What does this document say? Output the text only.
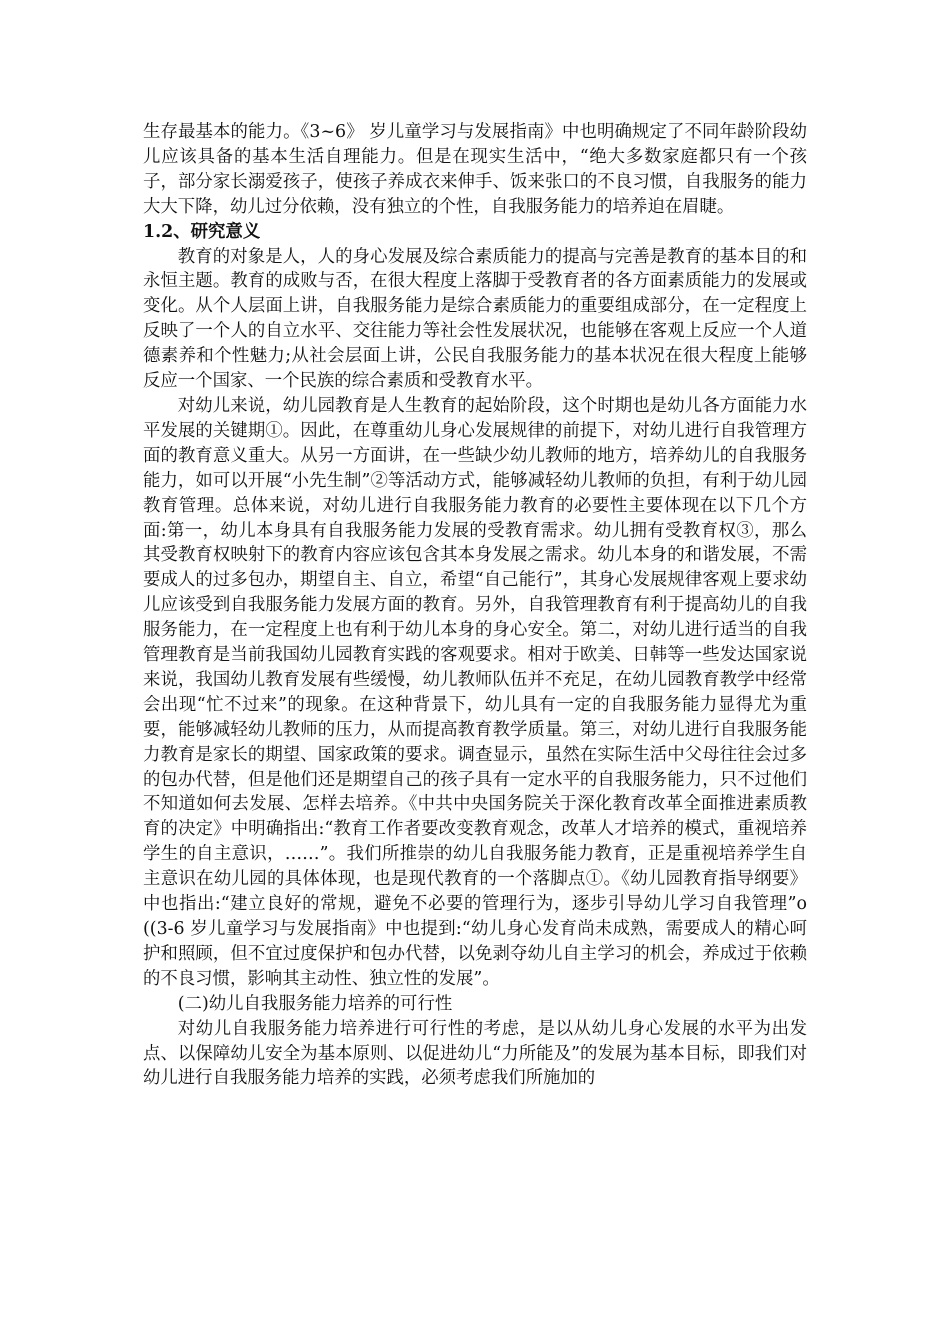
生存最基本的能力。《3~6》 岁儿童学习与发展指南》中也明确规定了不同年龄阶段幼儿应该具备的基本生活自理能力。但是在现实生活中，“绝大多数家庭都只有一个孩子，部分家长溺爱孩子，使孩子养成衣来伸手、饭来张口的不良习惯，自我服务的能力大大下降，幼儿过分依赖，没有独立的个性，自我服务能力的培养迫在眉睫。

1.2、研究意义

教育的对象是人，人的身心发展及综合素质能力的提高与完善是教育的基本目的和永恒主题。教育的成败与否，在很大程度上落脚于受教育者的各方面素质能力的发展或变化。从个人层面上讲，自我服务能力是综合素质能力的重要组成部分，在一定程度上反映了一个人的自立水平、交往能力等社会性发展状况，也能够在客观上反应一个人道德素养和个性魅力;从社会层面上讲，公民自我服务能力的基本状况在很大程度上能够反应一个国家、一个民族的综合素质和受教育水平。

对幼儿来说，幼儿园教育是人生教育的起始阶段，这个时期也是幼儿各方面能力水平发展的关键期①。因此，在尊重幼儿身心发展规律的前提下，对幼儿进行自我管理方面的教育意义重大。从另一方面讲，在一些缺少幼儿教师的地方，培养幼儿的自我服务能力，如可以开展“小先生制”②等活动方式，能够减轻幼儿教师的负担，有利于幼儿园教育管理。总体来说，对幼儿进行自我服务能力教育的必要性主要体现在以下几个方面:第一，幼儿本身具有自我服务能力发展的受教育需求。幼儿拥有受教育权③，那么其受教育权映射下的教育内容应该包含其本身发展之需求。幼儿本身的和谐发展，不需要成人的过多包办，期望自主、自立，希望“自己能行”，其身心发展规律客观上要求幼儿应该受到自我服务能力发展方面的教育。另外，自我管理教育有利于提高幼儿的自我服务能力，在一定程度上也有利于幼儿本身的身心安全。第二，对幼儿进行适当的自我管理教育是当前我国幼儿园教育实践的客观要求。相对于欧美、日韩等一些发达国家说来说，我国幼儿教育发展有些缓慢，幼儿教师队伍并不充足，在幼儿园教育教学中经常会出现“忙不过来”的现象。在这种背景下，幼儿具有一定的自我服务能力显得尤为重要，能够减轻幼儿教师的压力，从而提高教育教学质量。第三，对幼儿进行自我服务能力教育是家长的期望、国家政策的要求。调查显示，虽然在实际生活中父母往往会过多的包办代替，但是他们还是期望自己的孩子具有一定水平的自我服务能力，只不过他们不知道如何去发展、怎样去培养。《中共中央国务院关于深化教育改革全面推进素质教育的决定》中明确指出:“教育工作者要改变教育观念，改革人才培养的模式，重视培养学生的自主意识，……”。我们所推崇的幼儿自我服务能力教育，正是重视培养学生自主意识在幼儿园的具体体现，也是现代教育的一个落脚点①。《幼儿园教育指导纲要》中也指出:“建立良好的常规，避免不必要的管理行为，逐步引导幼儿学习自我管理”o ((3-6 岁儿童学习与发展指南》中也提到:“幼儿身心发育尚未成熟，需要成人的精心呵护和照顾，但不宜过度保护和包办代替，以免剥夺幼儿自主学习的机会，养成过于依赖的不良习惯，影响其主动性、独立性的发展”。

(二)幼儿自我服务能力培养的可行性

对幼儿自我服务能力培养进行可行性的考虑，是以从幼儿身心发展的水平为出发点、以保障幼儿安全为基本原则、以促进幼儿“力所能及”的发展为基本目标，即我们对幼儿进行自我服务能力培养的实践，必须考虑我们所施加的
